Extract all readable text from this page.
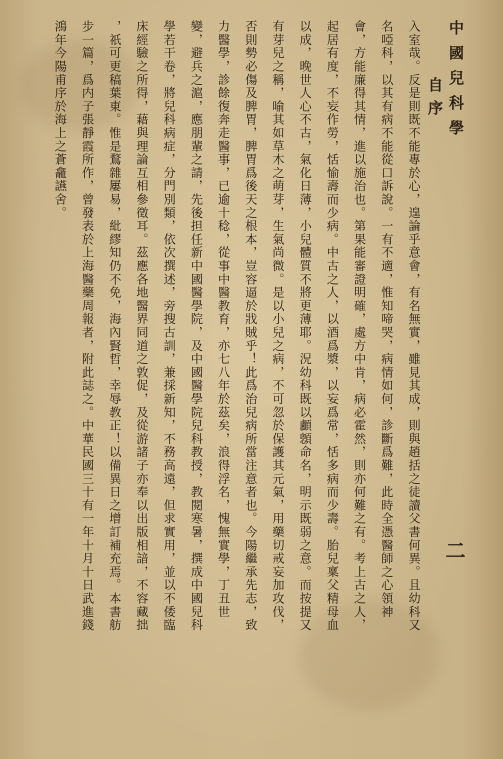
中國兒科學
自序
二
入室哉。反是則既不能專於心，遑論乎意會，有名無實，雖見其成，則與趙括之徒讀父書何異。且幼科又
名啞科，以其有病不能從口訴說。一有不適，惟知啼哭，病情如何，診斷爲難，此時全憑醫師之心領神
會，方能廉得其情，進以施治也。第果能審證明確，處方中肯，病必霍然，則亦何難之有。考上古之人，
起居有度，不妄作勞，恬愉壽而少病。中古之人，以酒爲漿，以妄爲常，恬多病而少壽。胎兒稟父精母血
以成，晚世人心不古，氣化日薄，小兒體質不將更薄耶。況幼科既以顱顖命名，明示既弱之意。而按提又
有芽兒之稱，喻其如草木之萌芽，生氣尚微。是以小兒之病，不可忽於保護其元氣，用藥切戒妄加攻伐，
否則勢必傷及脾胃，脾胃爲後天之根本，豈容逼於戕賊乎！此爲治兒病所當注意者也。今陽繼承先志，致
力醫學，診餘復奔走醫事，已逾十稔，從事中醫教育，亦七八年於茲矣，浪得浮名，愧無實學，丁丑世
變，避兵之滬，應朋輩之請，先後担任新中國醫學院，及中國醫學院兒科教授，教閱寒暑，撰成中國兒科
學若干卷，將兒科病症，分門別類，依次撰述，旁搜古訓，兼採新知，不務高遠，但求實用，並以不倭臨
床經驗之所得，藉與理論互相參徵耳。茲應各地醫界同道之敦促，及從游諸子亦奉以出版相諳，不容藏拙
，祇可更稿葉東。惟是鶩雜屢易，紕繆知仍不免，海內賢哲，幸辱教正！以備異日之增訂補充焉。本書舫
步一篇，爲内子張靜霞所作，曾發表於上海醫藥周報者，附此誌之。中華民國三十有一年十月十日武進錢
鴻年今陽甫序於海上之蒼龕讌舍。
